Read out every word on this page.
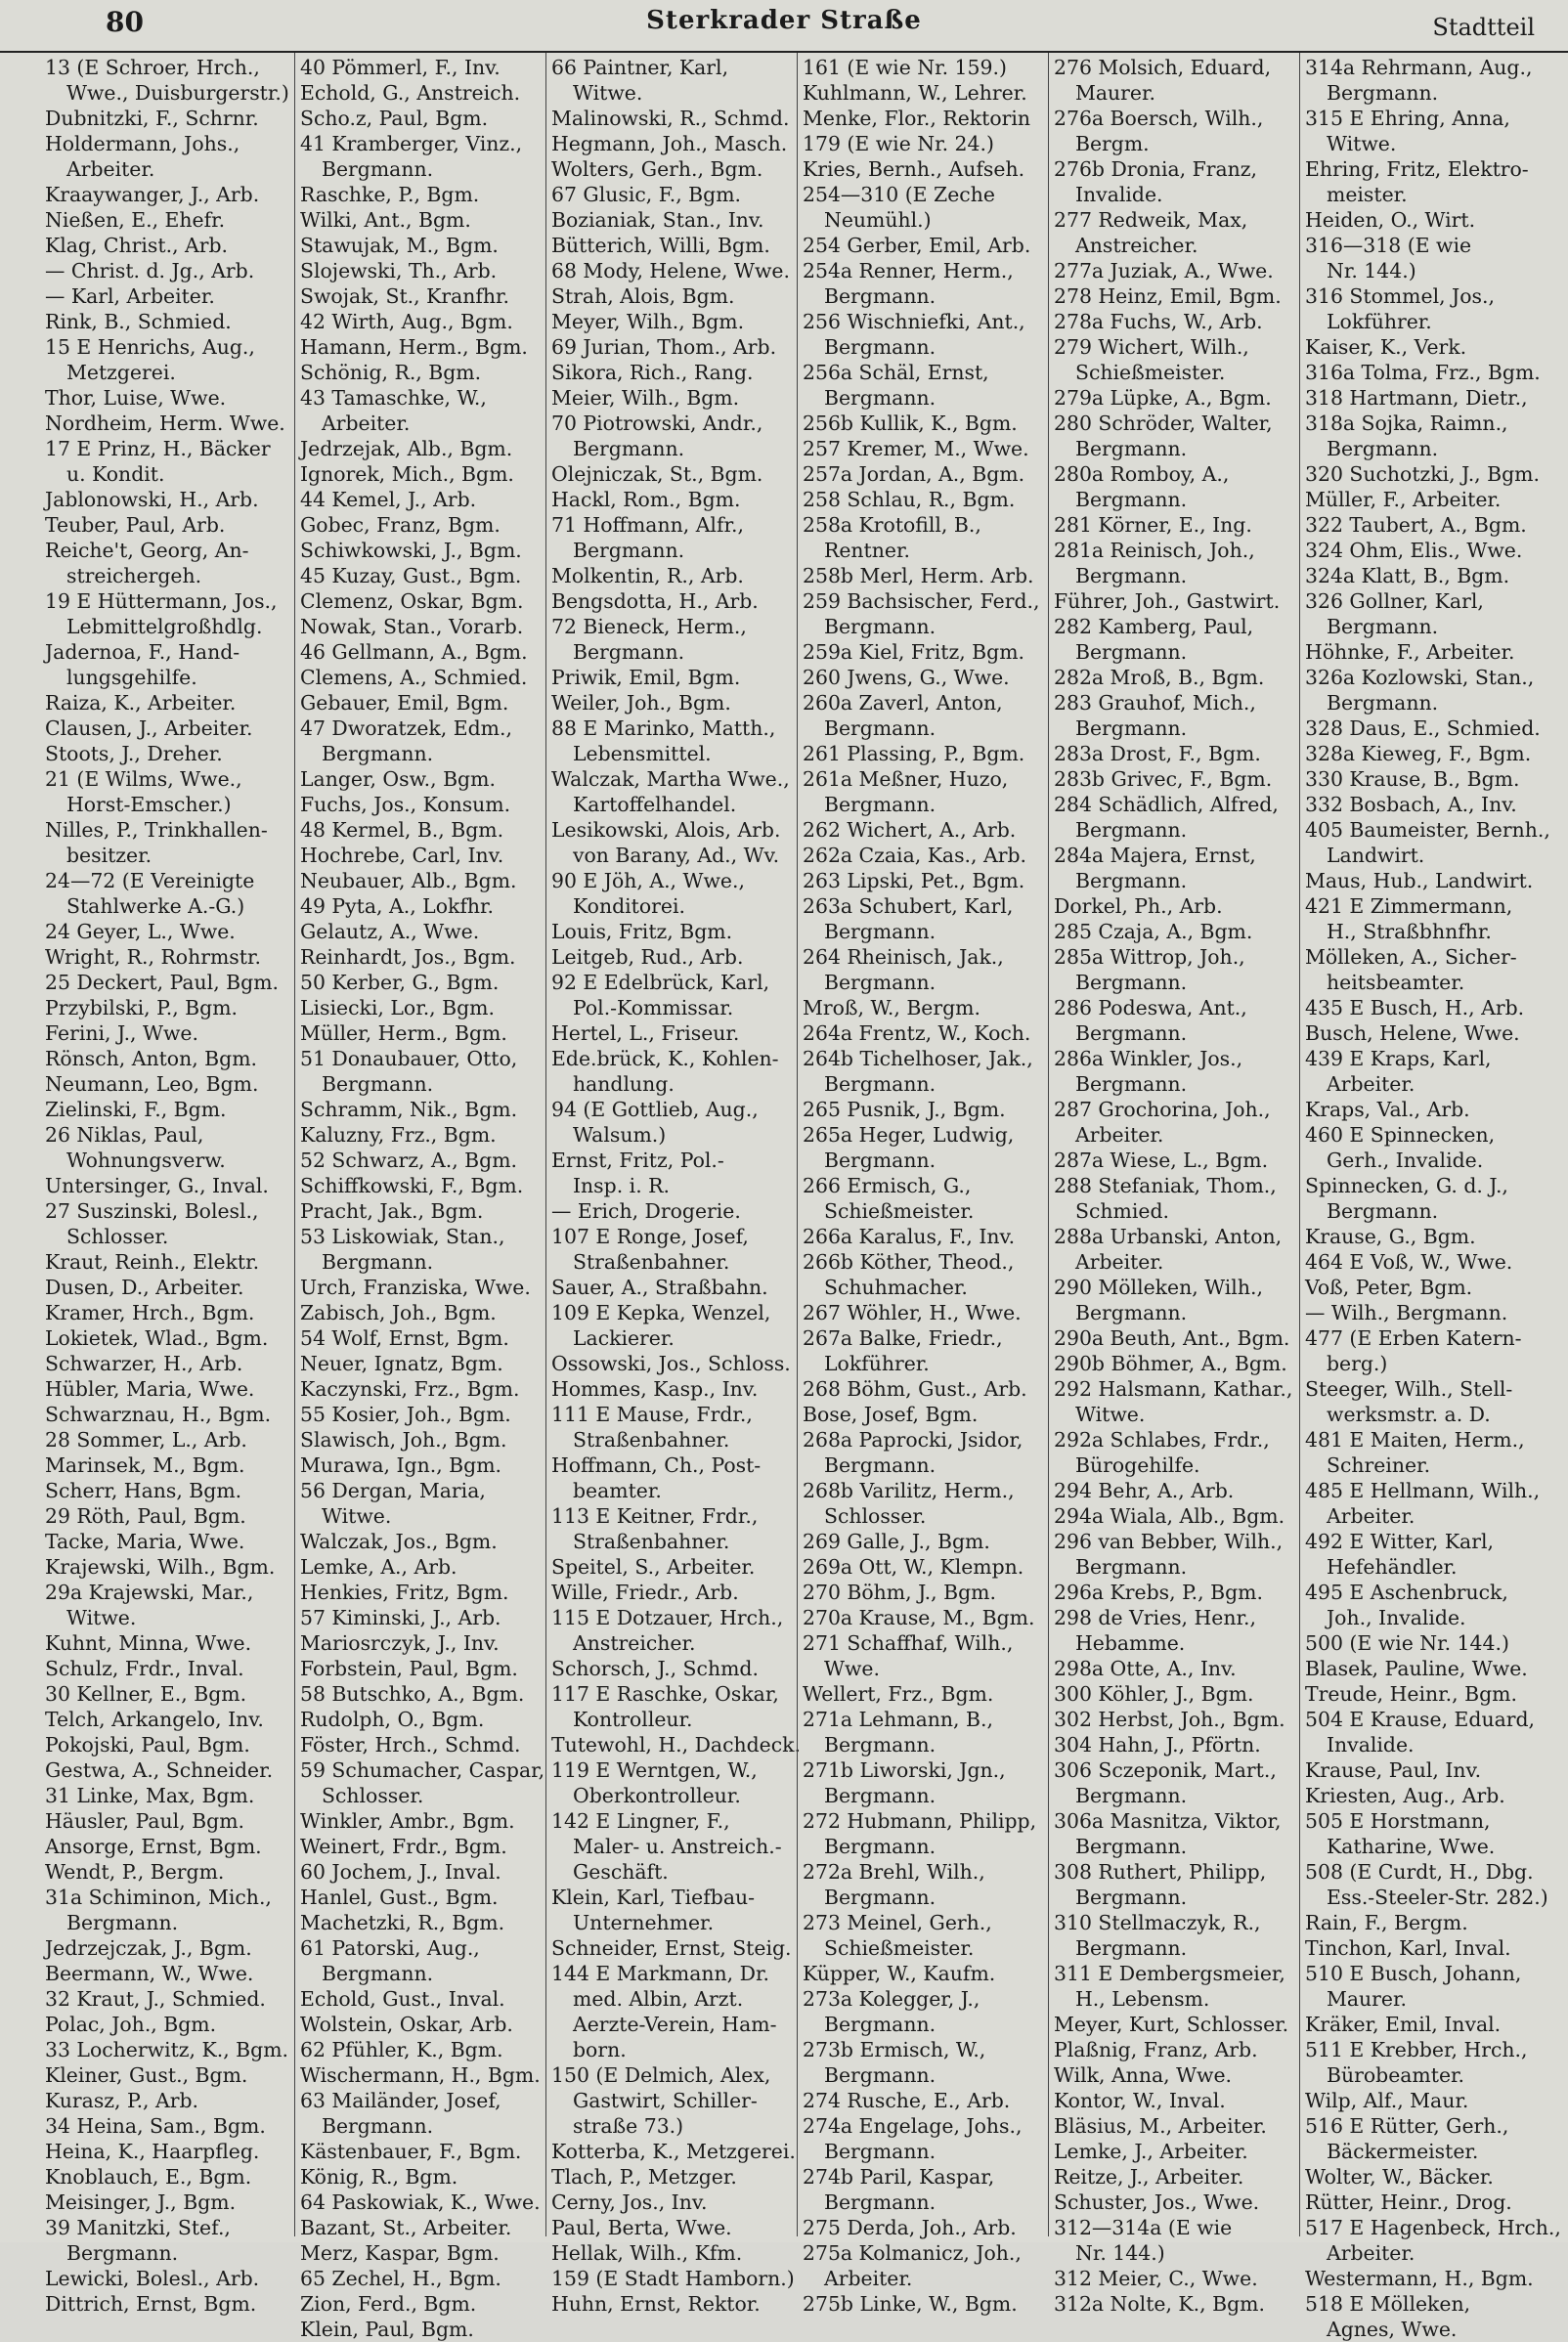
Sterkrader Straße
80	Stadtteil
13 (E Schroer, Hrch.,
Wwe., Duisburgerstr.)
Dubnitzki, F., Schrnr.
Holdermann, Johs.,
Arbeiter.
Kraaywanger, J., Arb.
Nießen, E., Ehefr.
Klag, Christ., Arb.
— Christ. d. Jg., Arb.
— Karl, Arbeiter.
Rink, B., Schmied.
15 E Henrichs, Aug.,
Metzgerei.
Thor, Luise, Wwe.
Nordheim, Herm. Wwe.
17 E Prinz, H., Bäcker
u. Kondit.
Jablonowski, H., Arb.
Teuber, Paul, Arb.
Reiche't, Georg, An-
streichergeh.
19 E Hüttermann, Jos.,
Lebmittelgroßhdlg.
Jadernoa, F., Hand-
lungsgehilfe.
Raiza, K., Arbeiter.
Clausen, J., Arbeiter.
Stoots, J., Dreher.
21 (E Wilms, Wwe.,
Horst-Emscher.)
Nilles, P., Trinkhallen-
besitzer.
24—72 (E Vereinigte
Stahlwerke A.-G.)
24 Geyer, L., Wwe.
Wright, R., Rohrmstr.
25 Deckert, Paul, Bgm.
Przybilski, P., Bgm.
Ferini, J., Wwe.
Rönsch, Anton, Bgm.
Neumann, Leo, Bgm.
Zielinski, F., Bgm.
26 Niklas, Paul,
Wohnungsverw.
Untersinger, G., Inval.
27 Suszinski, Bolesl.,
Schlosser.
Kraut, Reinh., Elektr.
Dusen, D., Arbeiter.
Kramer, Hrch., Bgm.
Lokietek, Wlad., Bgm.
Schwarzer, H., Arb.
Hübler, Maria, Wwe.
Schwarznau, H., Bgm.
28 Sommer, L., Arb.
Marinsek, M., Bgm.
Scherr, Hans, Bgm.
29 Röth, Paul, Bgm.
Tacke, Maria, Wwe.
Krajewski, Wilh., Bgm.
29a Krajewski, Mar.,
Witwe.
Kuhnt, Minna, Wwe.
Schulz, Frdr., Inval.
30 Kellner, E., Bgm.
Telch, Arkangelo, Inv.
Pokojski, Paul, Bgm.
Gestwa, A., Schneider.
31 Linke, Max, Bgm.
Häusler, Paul, Bgm.
Ansorge, Ernst, Bgm.
Wendt, P., Bergm.
31a Schiminon, Mich.,
Bergmann.
Jedrzejczak, J., Bgm.
Beermann, W., Wwe.
32 Kraut, J., Schmied.
Polac, Joh., Bgm.
33 Locherwitz, K., Bgm.
Kleiner, Gust., Bgm.
Kurasz, P., Arb.
34 Heina, Sam., Bgm.
Heina, K., Haarpfleg.
Knoblauch, E., Bgm.
Meisinger, J., Bgm.
39 Manitzki, Stef.,
Bergmann.
Lewicki, Bolesl., Arb.
Dittrich, Ernst, Bgm.
40 Pömmerl, F., Inv.
Echold, G., Anstreich.
Scho.z, Paul, Bgm.
41 Kramberger, Vinz.,
Bergmann.
Raschke, P., Bgm.
Wilki, Ant., Bgm.
Stawujak, M., Bgm.
Slojewski, Th., Arb.
Swojak, St., Kranfhr.
42 Wirth, Aug., Bgm.
Hamann, Herm., Bgm.
Schönig, R., Bgm.
43 Tamaschke, W.,
Arbeiter.
Jedrzejak, Alb., Bgm.
Ignorek, Mich., Bgm.
44 Kemel, J., Arb.
Gobec, Franz, Bgm.
Schiwkowski, J., Bgm.
45 Kuzay, Gust., Bgm.
Clemenz, Oskar, Bgm.
Nowak, Stan., Vorarb.
46 Gellmann, A., Bgm.
Clemens, A., Schmied.
Gebauer, Emil, Bgm.
47 Dworatzek, Edm.,
Bergmann.
Langer, Osw., Bgm.
Fuchs, Jos., Konsum.
48 Kermel, B., Bgm.
Hochrebe, Carl, Inv.
Neubauer, Alb., Bgm.
49 Pyta, A., Lokfhr.
Gelautz, A., Wwe.
Reinhardt, Jos., Bgm.
50 Kerber, G., Bgm.
Lisiecki, Lor., Bgm.
Müller, Herm., Bgm.
51 Donaubauer, Otto,
Bergmann.
Schramm, Nik., Bgm.
Kaluzny, Frz., Bgm.
52 Schwarz, A., Bgm.
Schiffkowski, F., Bgm.
Pracht, Jak., Bgm.
53 Liskowiak, Stan.,
Bergmann.
Urch, Franziska, Wwe.
Zabisch, Joh., Bgm.
54 Wolf, Ernst, Bgm.
Neuer, Ignatz, Bgm.
Kaczynski, Frz., Bgm.
55 Kosier, Joh., Bgm.
Slawisch, Joh., Bgm.
Murawa, Ign., Bgm.
56 Dergan, Maria,
Witwe.
Walczak, Jos., Bgm.
Lemke, A., Arb.
Henkies, Fritz, Bgm.
57 Kiminski, J., Arb.
Mariosrczyk, J., Inv.
Forbstein, Paul, Bgm.
58 Butschko, A., Bgm.
Rudolph, O., Bgm.
Föster, Hrch., Schmd.
59 Schumacher, Caspar,
Schlosser.
Winkler, Ambr., Bgm.
Weinert, Frdr., Bgm.
60 Jochem, J., Inval.
Hanlel, Gust., Bgm.
Machetzki, R., Bgm.
61 Patorski, Aug.,
Bergmann.
Echold, Gust., Inval.
Wolstein, Oskar, Arb.
62 Pfühler, K., Bgm.
Wischermann, H., Bgm.
63 Mailänder, Josef,
Bergmann.
Kästenbauer, F., Bgm.
König, R., Bgm.
64 Paskowiak, K., Wwe.
Bazant, St., Arbeiter.
Merz, Kaspar, Bgm.
65 Zechel, H., Bgm.
Zion, Ferd., Bgm.
Klein, Paul, Bgm.
66 Paintner, Karl,
Witwe.
Malinowski, R., Schmd.
Hegmann, Joh., Masch.
Wolters, Gerh., Bgm.
67 Glusic, F., Bgm.
Bozianiak, Stan., Inv.
Bütterich, Willi, Bgm.
68 Mody, Helene, Wwe.
Strah, Alois, Bgm.
Meyer, Wilh., Bgm.
69 Jurian, Thom., Arb.
Sikora, Rich., Rang.
Meier, Wilh., Bgm.
70 Piotrowski, Andr.,
Bergmann.
Olejniczak, St., Bgm.
Hackl, Rom., Bgm.
71 Hoffmann, Alfr.,
Bergmann.
Molkentin, R., Arb.
Bengsdotta, H., Arb.
72 Bieneck, Herm.,
Bergmann.
Priwik, Emil, Bgm.
Weiler, Joh., Bgm.
88 E Marinko, Matth.,
Lebensmittel.
Walczak, Martha Wwe.,
Kartoffelhandel.
Lesikowski, Alois, Arb.
von Barany, Ad., Wv.
90 E Jöh, A., Wwe.,
Konditorei.
Louis, Fritz, Bgm.
Leitgeb, Rud., Arb.
92 E Edelbrück, Karl,
Pol.-Kommissar.
Hertel, L., Friseur.
Ede.brück, K., Kohlen-
handlung.
94 (E Gottlieb, Aug.,
Walsum.)
Ernst, Fritz, Pol.-
Insp. i. R.
— Erich, Drogerie.
107 E Ronge, Josef,
Straßenbahner.
Sauer, A., Straßbahn.
109 E Kepka, Wenzel,
Lackierer.
Ossowski, Jos., Schloss.
Hommes, Kasp., Inv.
111 E Mause, Frdr.,
Straßenbahner.
Hoffmann, Ch., Post-
beamter.
113 E Keitner, Frdr.,
Straßenbahner.
Speitel, S., Arbeiter.
Wille, Friedr., Arb.
115 E Dotzauer, Hrch.,
Anstreicher.
Schorsch, J., Schmd.
117 E Raschke, Oskar,
Kontrolleur.
Tutewohl, H., Dachdeck.
119 E Werntgen, W.,
Oberkontrolleur.
142 E Lingner, F.,
Maler- u. Anstreich.-
Geschäft.
Klein, Karl, Tiefbau-
Unternehmer.
Schneider, Ernst, Steig.
144 E Markmann, Dr.
med. Albin, Arzt.
Aerzte-Verein, Ham-
born.
150 (E Delmich, Alex,
Gastwirt, Schiller-
straße 73.)
Kotterba, K., Metzgerei.
Tlach, P., Metzger.
Cerny, Jos., Inv.
Paul, Berta, Wwe.
Hellak, Wilh., Kfm.
159 (E Stadt Hamborn.)
Huhn, Ernst, Rektor.
161 (E wie Nr. 159.)
Kuhlmann, W., Lehrer.
Menke, Flor., Rektorin
179 (E wie Nr. 24.)
Kries, Bernh., Aufseh.
254—310 (E Zeche
Neumühl.)
254 Gerber, Emil, Arb.
254a Renner, Herm.,
Bergmann.
256 Wischniefki, Ant.,
Bergmann.
256a Schäl, Ernst,
Bergmann.
256b Kullik, K., Bgm.
257 Kremer, M., Wwe.
257a Jordan, A., Bgm.
258 Schlau, R., Bgm.
258a Krotofill, B.,
Rentner.
258b Merl, Herm. Arb.
259 Bachsischer, Ferd.,
Bergmann.
259a Kiel, Fritz, Bgm.
260 Jwens, G., Wwe.
260a Zaverl, Anton,
Bergmann.
261 Plassing, P., Bgm.
261a Meßner, Huzo,
Bergmann.
262 Wichert, A., Arb.
262a Czaia, Kas., Arb.
263 Lipski, Pet., Bgm.
263a Schubert, Karl,
Bergmann.
264 Rheinisch, Jak.,
Bergmann.
Mroß, W., Bergm.
264a Frentz, W., Koch.
264b Tichelhoser, Jak.,
Bergmann.
265 Pusnik, J., Bgm.
265a Heger, Ludwig,
Bergmann.
266 Ermisch, G.,
Schießmeister.
266a Karalus, F., Inv.
266b Köther, Theod.,
Schuhmacher.
267 Wöhler, H., Wwe.
267a Balke, Friedr.,
Lokführer.
268 Böhm, Gust., Arb.
Bose, Josef, Bgm.
268a Paprocki, Jsidor,
Bergmann.
268b Varilitz, Herm.,
Schlosser.
269 Galle, J., Bgm.
269a Ott, W., Klempn.
270 Böhm, J., Bgm.
270a Krause, M., Bgm.
271 Schaffhaf, Wilh.,
Wwe.
Wellert, Frz., Bgm.
271a Lehmann, B.,
Bergmann.
271b Liworski, Jgn.,
Bergmann.
272 Hubmann, Philipp,
Bergmann.
272a Brehl, Wilh.,
Bergmann.
273 Meinel, Gerh.,
Schießmeister.
Küpper, W., Kaufm.
273a Kolegger, J.,
Bergmann.
273b Ermisch, W.,
Bergmann.
274 Rusche, E., Arb.
274a Engelage, Johs.,
Bergmann.
274b Paril, Kaspar,
Bergmann.
275 Derda, Joh., Arb.
275a Kolmanicz, Joh.,
Arbeiter.
275b Linke, W., Bgm.
276 Molsich, Eduard,
Maurer.
276a Boersch, Wilh.,
Bergm.
276b Dronia, Franz,
Invalide.
277 Redweik, Max,
Anstreicher.
277a Juziak, A., Wwe.
278 Heinz, Emil, Bgm.
278a Fuchs, W., Arb.
279 Wichert, Wilh.,
Schießmeister.
279a Lüpke, A., Bgm.
280 Schröder, Walter,
Bergmann.
280a Romboy, A.,
Bergmann.
281 Körner, E., Ing.
281a Reinisch, Joh.,
Bergmann.
Führer, Joh., Gastwirt.
282 Kamberg, Paul,
Bergmann.
282a Mroß, B., Bgm.
283 Grauhof, Mich.,
Bergmann.
283a Drost, F., Bgm.
283b Grivec, F., Bgm.
284 Schädlich, Alfred,
Bergmann.
284a Majera, Ernst,
Bergmann.
Dorkel, Ph., Arb.
285 Czaja, A., Bgm.
285a Wittrop, Joh.,
Bergmann.
286 Podeswa, Ant.,
Bergmann.
286a Winkler, Jos.,
Bergmann.
287 Grochorina, Joh.,
Arbeiter.
287a Wiese, L., Bgm.
288 Stefaniak, Thom.,
Schmied.
288a Urbanski, Anton,
Arbeiter.
290 Mölleken, Wilh.,
Bergmann.
290a Beuth, Ant., Bgm.
290b Böhmer, A., Bgm.
292 Halsmann, Kathar.,
Witwe.
292a Schlabes, Frdr.,
Bürogehilfe.
294 Behr, A., Arb.
294a Wiala, Alb., Bgm.
296 van Bebber, Wilh.,
Bergmann.
296a Krebs, P., Bgm.
298 de Vries, Henr.,
Hebamme.
298a Otte, A., Inv.
300 Köhler, J., Bgm.
302 Herbst, Joh., Bgm.
304 Hahn, J., Pförtn.
306 Sczeponik, Mart.,
Bergmann.
306a Masnitza, Viktor,
Bergmann.
308 Ruthert, Philipp,
Bergmann.
310 Stellmaczyk, R.,
Bergmann.
311 E Dembergsmeier,
H., Lebensm.
Meyer, Kurt, Schlosser.
Plaßnig, Franz, Arb.
Wilk, Anna, Wwe.
Kontor, W., Inval.
Bläsius, M., Arbeiter.
Lemke, J., Arbeiter.
Reitze, J., Arbeiter.
Schuster, Jos., Wwe.
312—314a (E wie
Nr. 144.)
312 Meier, C., Wwe.
312a Nolte, K., Bgm.
314a Rehrmann, Aug.,
Bergmann.
315 E Ehring, Anna,
Witwe.
Ehring, Fritz, Elektro-
meister.
Heiden, O., Wirt.
316—318 (E wie
Nr. 144.)
316 Stommel, Jos.,
Lokführer.
Kaiser, K., Verk.
316a Tolma, Frz., Bgm.
318 Hartmann, Dietr.,
318a Sojka, Raimn.,
Bergmann.
320 Suchotzki, J., Bgm.
Müller, F., Arbeiter.
322 Taubert, A., Bgm.
324 Ohm, Elis., Wwe.
324a Klatt, B., Bgm.
326 Gollner, Karl,
Bergmann.
Höhnke, F., Arbeiter.
326a Kozlowski, Stan.,
Bergmann.
328 Daus, E., Schmied.
328a Kieweg, F., Bgm.
330 Krause, B., Bgm.
332 Bosbach, A., Inv.
405 Baumeister, Bernh.,
Landwirt.
Maus, Hub., Landwirt.
421 E Zimmermann,
H., Straßbhnfhr.
Mölleken, A., Sicher-
heitsbeamter.
435 E Busch, H., Arb.
Busch, Helene, Wwe.
439 E Kraps, Karl,
Arbeiter.
Kraps, Val., Arb.
460 E Spinnecken,
Gerh., Invalide.
Spinnecken, G. d. J.,
Bergmann.
Krause, G., Bgm.
464 E Voß, W., Wwe.
Voß, Peter, Bgm.
— Wilh., Bergmann.
477 (E Erben Katern-
berg.)
Steeger, Wilh., Stell-
werksmstr. a. D.
481 E Maiten, Herm.,
Schreiner.
485 E Hellmann, Wilh.,
Arbeiter.
492 E Witter, Karl,
Hefehändler.
495 E Aschenbruck,
Joh., Invalide.
500 (E wie Nr. 144.)
Blasek, Pauline, Wwe.
Treude, Heinr., Bgm.
504 E Krause, Eduard,
Invalide.
Krause, Paul, Inv.
Kriesten, Aug., Arb.
505 E Horstmann,
Katharine, Wwe.
508 (E Curdt, H., Dbg.
Ess.-Steeler-Str. 282.)
Rain, F., Bergm.
Tinchon, Karl, Inval.
510 E Busch, Johann,
Maurer.
Kräker, Emil, Inval.
511 E Krebber, Hrch.,
Bürobeamter.
Wilp, Alf., Maur.
516 E Rütter, Gerh.,
Bäckermeister.
Wolter, W., Bäcker.
Rütter, Heinr., Drog.
517 E Hagenbeck, Hrch.,
Arbeiter.
Westermann, H., Bgm.
518 E Mölleken,
Agnes, Wwe.
